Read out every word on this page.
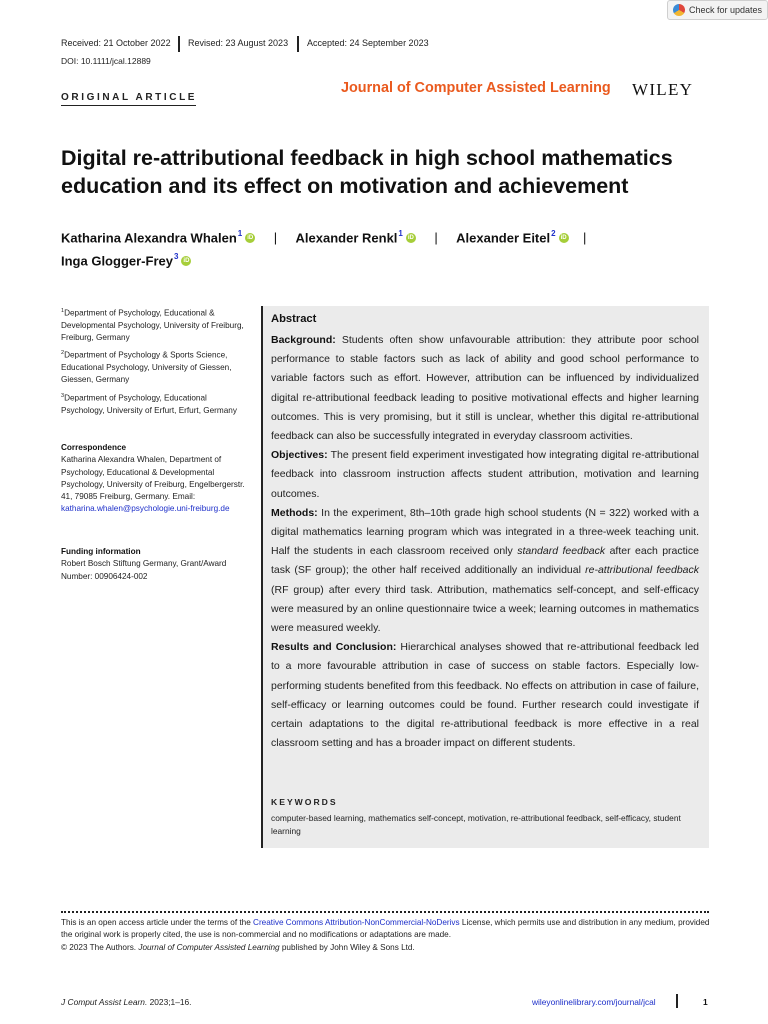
Check for updates
Received: 21 October 2022 Revised: 23 August 2023 Accepted: 24 September 2023
DOI: 10.1111/jcal.12889
ORIGINAL ARTICLE
Journal of Computer Assisted Learning WILEY
Digital re-attributional feedback in high school mathematics education and its effect on motivation and achievement
Katharina Alexandra Whalen$^1$iD | Alexander Renkl$^1$iD | Alexander Eitel$^2$iD |
Inga Glogger-Frey$^3$iD
$^1$Department of Psychology, Educational & Developmental Psychology, University of Freiburg, Freiburg, Germany
$^2$Department of Psychology & Sports Science, Educational Psychology, University of Giessen, Giessen, Germany
$^3$Department of Psychology, Educational Psychology, University of Erfurt, Erfurt, Germany
Correspondence
Katharina Alexandra Whalen, Department of Psychology, Educational & Developmental Psychology, University of Freiburg, Engelbergerstr. 41, 79085 Freiburg, Germany. Email: katharina.whalen@psychologie.uni-freiburg.de
Funding information
Robert Bosch Stiftung Germany, Grant/Award Number: 00906424-002
Abstract

Background: Students often show unfavourable attribution: they attribute poor school performance to stable factors such as lack of ability and good school performance to variable factors such as effort. However, attribution can be influenced by individualized digital re-attributional feedback leading to positive motivational effects and higher learning outcomes. This is very promising, but it still is unclear, whether this digital re-attributional feedback can also be successfully integrated in everyday classroom activities.

Objectives: The present field experiment investigated how integrating digital re-attributional feedback into classroom instruction affects student attribution, motivation and learning outcomes.

Methods: In the experiment, 8th–10th grade high school students (N = 322) worked with a digital mathematics learning program which was integrated in a three-week teaching unit. Half the students in each classroom received only standard feedback after each practice task (SF group); the other half received additionally an individual re-attributional feedback (RF group) after every third task. Attribution, mathematics self-concept, and self-efficacy were measured by an online questionnaire twice a week; learning outcomes in mathematics were measured weekly.

Results and Conclusion: Hierarchical analyses showed that re-attributional feedback led to a more favourable attribution in case of success on stable factors. Especially low-performing students benefited from this feedback. No effects on attribution in case of failure, self-efficacy or learning outcomes could be found. Further research could investigate if certain adaptations to the digital re-attributional feedback is more effective in a real classroom setting and has a broader impact on different students.

KEYWORDS
computer-based learning, mathematics self-concept, motivation, re-attributional feedback, self-efficacy, student learning
This is an open access article under the terms of the Creative Commons Attribution-NonCommercial-NoDerivs License, which permits use and distribution in any medium, provided the original work is properly cited, the use is non-commercial and no modifications or adaptations are made.
© 2023 The Authors. Journal of Computer Assisted Learning published by John Wiley & Sons Ltd.
J Comput Assist Learn. 2023;1–16.	wileyonlinelibrary.com/journal/jcal	1
